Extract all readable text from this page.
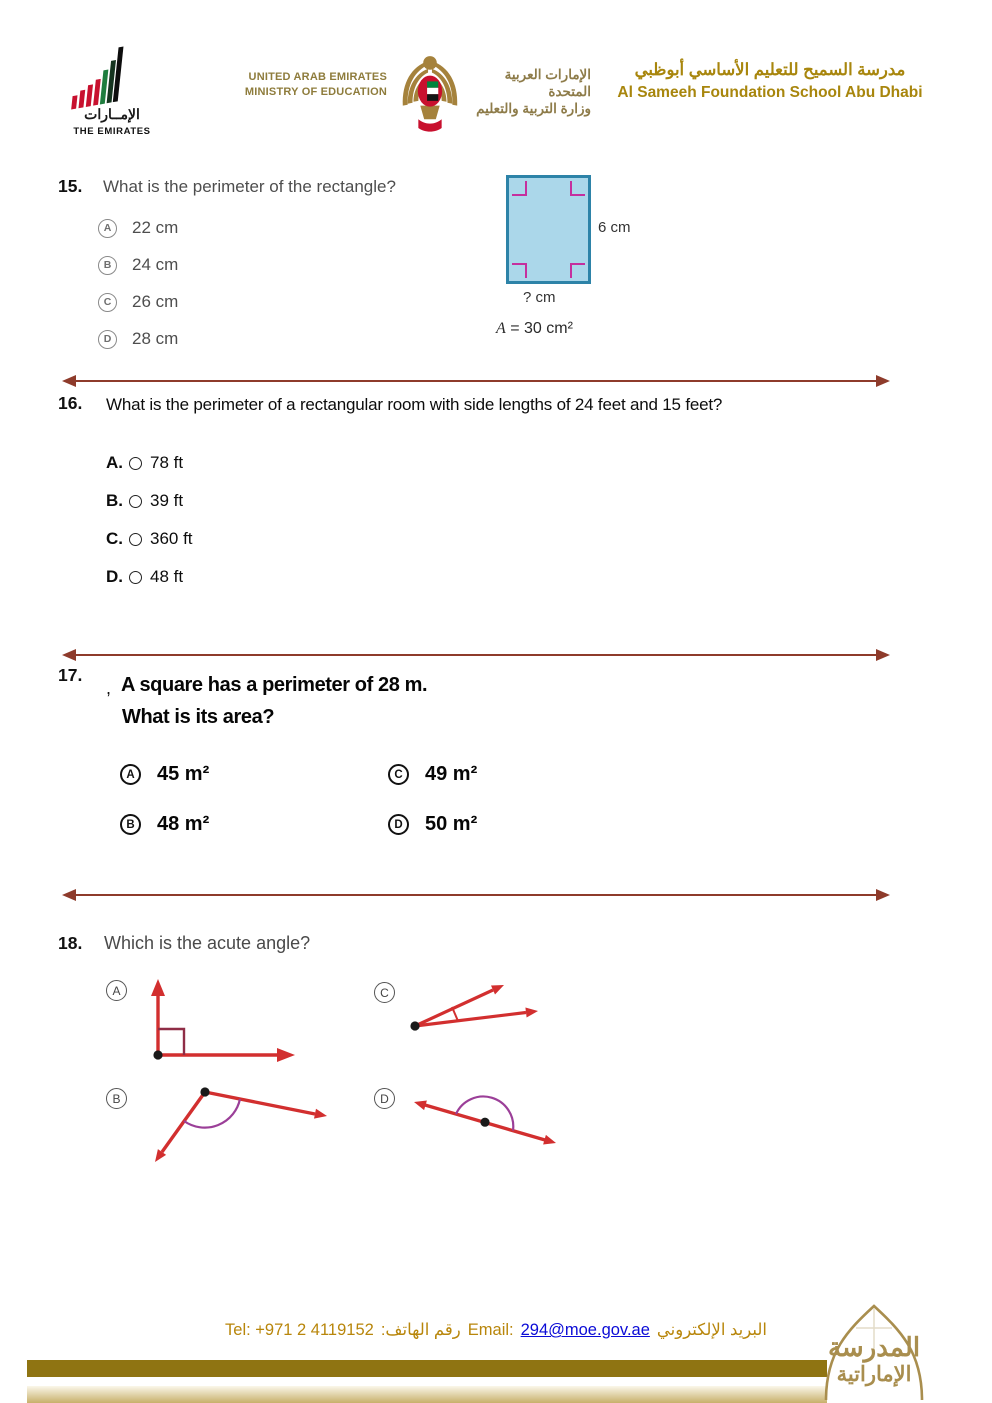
الإمــارات
THE EMIRATES
UNITED ARAB EMIRATES
MINISTRY OF EDUCATION
الإمارات العربية المتحدة
وزارة التربية والتعليم
مدرسة السميح للتعليم الأساسي أبوظبي
Al Sameeh Foundation School Abu Dhabi
15. What is the perimeter of the rectangle?
A	22 cm
B	24 cm
C	26 cm
D	28 cm
6 cm
? cm
A = 30 cm²
16. What is the perimeter of a rectangular room with side lengths of 24 feet and 15 feet?
A. 78 ft
B. 39 ft
C. 360 ft
D. 48 ft
17.
, A square has a perimeter of 28 m.
What is its area?
A	45 m²	C	49 m²
B	48 m²	D	50 m²
18. Which is the acute angle?
A	C
B	D

Tel: +971 2 4119152 :رقم الهاتف Email: 294@moe.gov.ae البريد الإلكتروني

المدرسة
الإماراتية
